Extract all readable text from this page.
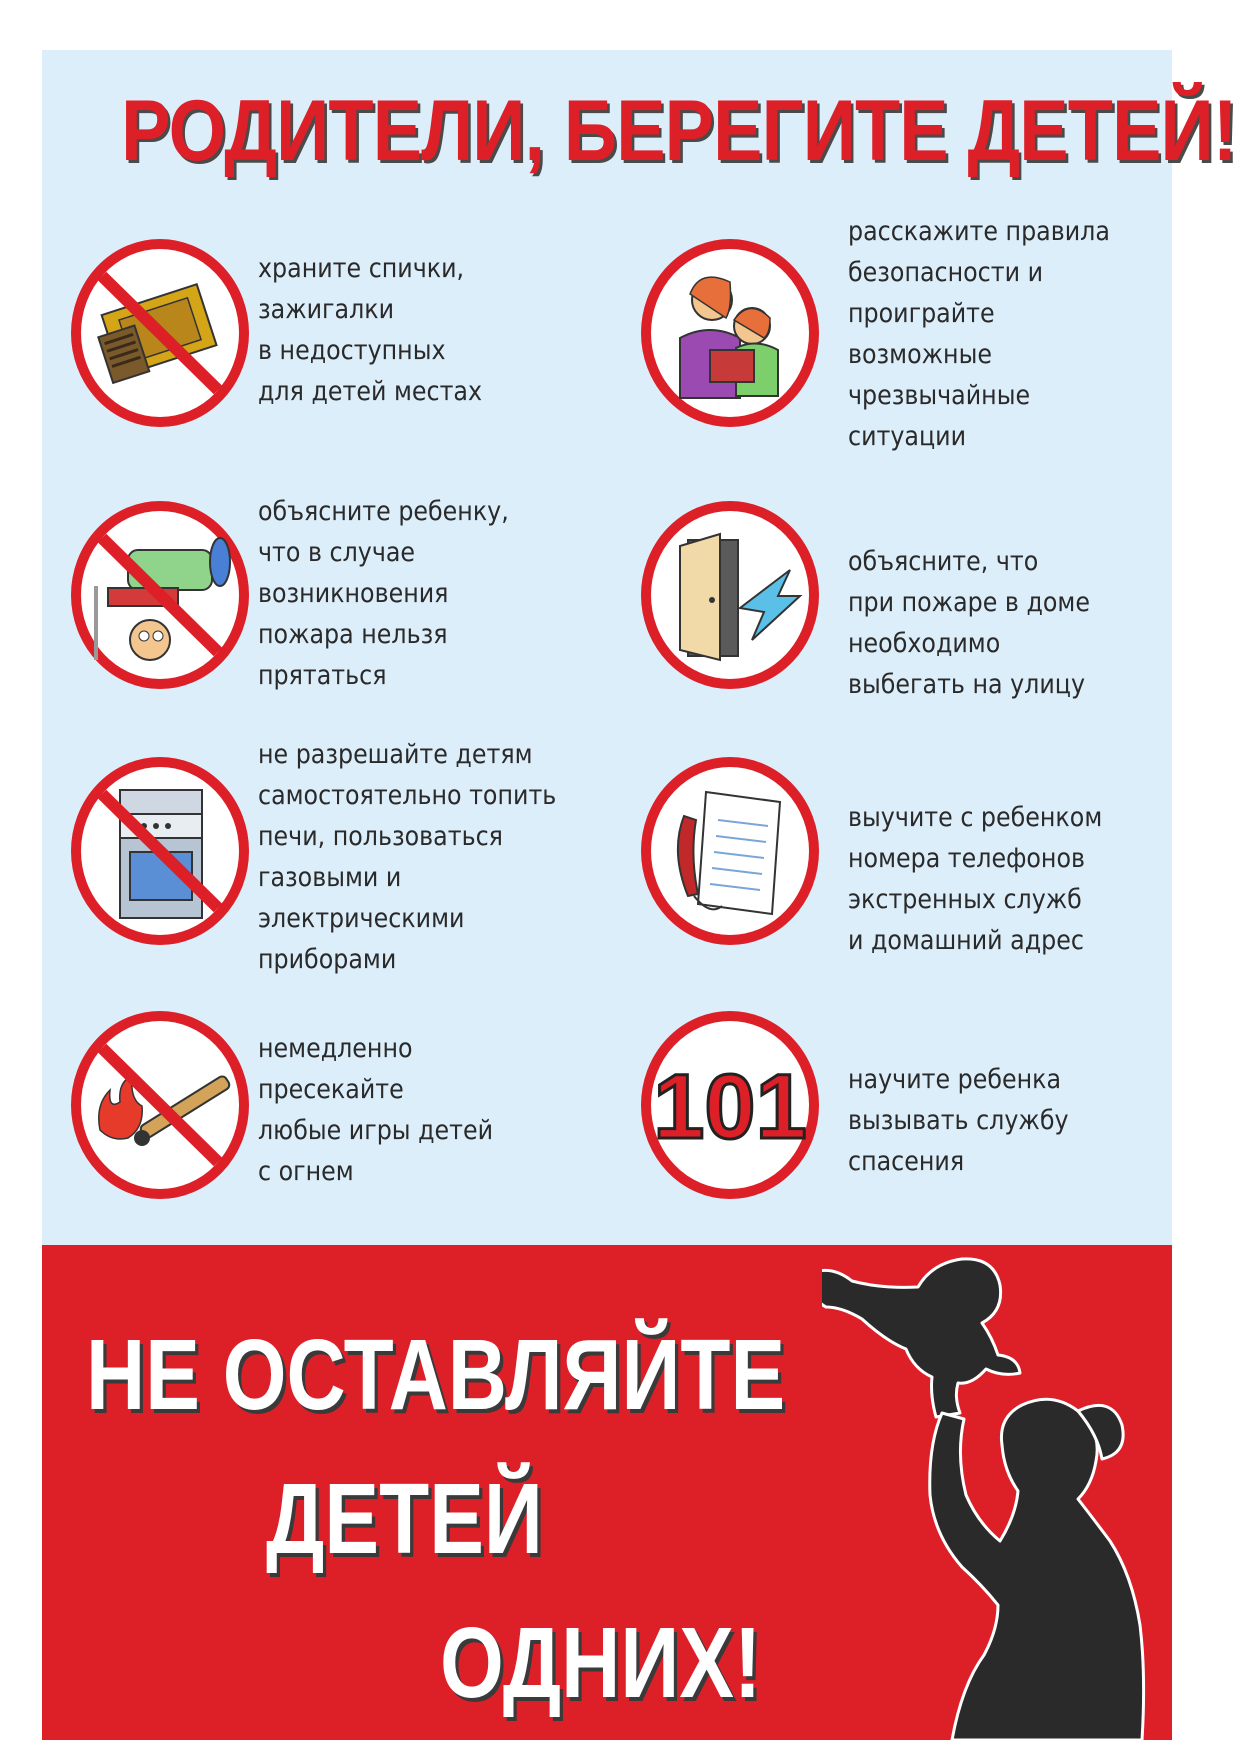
РОДИТЕЛИ, БЕРЕГИТЕ ДЕТЕЙ!
храните спички,
зажигалки
в недоступных
для детей местах
объясните ребенку,
что в случае
возникновения
пожара нельзя
прятаться
не разрешайте детям
самостоятельно топить
печи, пользоваться
газовыми и
электрическими
приборами
немедленно
пресекайте
любые игры детей
с огнем
расскажите правила
безопасности и
проиграйте
возможные
чрезвычайные
ситуации
объясните, что
при пожаре в доме
необходимо
выбегать на улицу
выучите с ребенком
номера телефонов
экстренных служб
и домашний адрес
101 научите ребенка
вызывать службу
спасения
НЕ ОСТАВЛЯЙТЕ
ДЕТЕЙ
ОДНИХ!
